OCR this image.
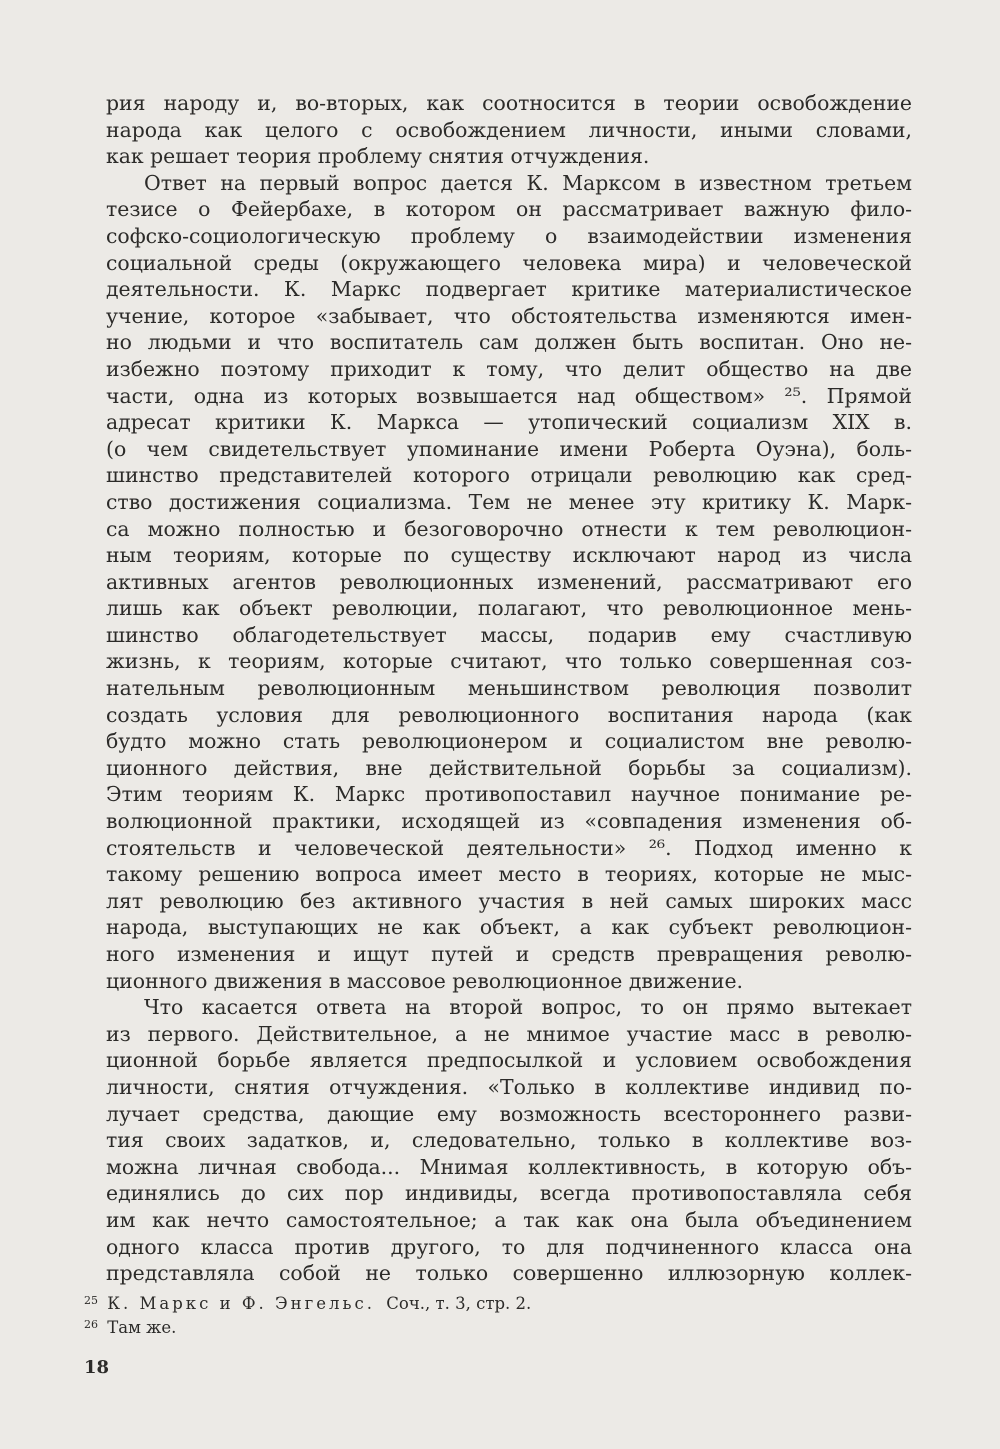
рия народу и, во-вторых, как соотносится в теории освобождение
народа как целого с освобождением личности, иными словами,
как решает теория проблему снятия отчуждения.
Ответ на первый вопрос дается К. Марксом в известном третьем
тезисе о Фейербахе, в котором он рассматривает важную фило-
софско-социологическую проблему о взаимодействии изменения
социальной среды (окружающего человека мира) и человеческой
деятельности. К. Маркс подвергает критике материалистическое
учение, которое «забывает, что обстоятельства изменяются имен-
но людьми и что воспитатель сам должен быть воспитан. Оно не-
избежно поэтому приходит к тому, что делит общество на две
части, одна из которых возвышается над обществом» ²⁵. Прямой
адресат критики К. Маркса — утопический социализм XIX в.
(о чем свидетельствует упоминание имени Роберта Оуэна), боль-
шинство представителей которого отрицали революцию как сред-
ство достижения социализма. Тем не менее эту критику К. Марк-
са можно полностью и безоговорочно отнести к тем революцион-
ным теориям, которые по существу исключают народ из числа
активных агентов революционных изменений, рассматривают его
лишь как объект революции, полагают, что революционное мень-
шинство облагодетельствует массы, подарив ему счастливую
жизнь, к теориям, которые считают, что только совершенная соз-
нательным революционным меньшинством революция позволит
создать условия для революционного воспитания народа (как
будто можно стать революционером и социалистом вне револю-
ционного действия, вне действительной борьбы за социализм).
Этим теориям К. Маркс противопоставил научное понимание ре-
волюционной практики, исходящей из «совпадения изменения об-
стоятельств и человеческой деятельности» ²⁶. Подход именно к
такому решению вопроса имеет место в теориях, которые не мыс-
лят революцию без активного участия в ней самых широких масс
народа, выступающих не как объект, а как субъект революцион-
ного изменения и ищут путей и средств превращения револю-
ционного движения в массовое революционное движение.
Что касается ответа на второй вопрос, то он прямо вытекает
из первого. Действительное, а не мнимое участие масс в револю-
ционной борьбе является предпосылкой и условием освобождения
личности, снятия отчуждения. «Только в коллективе индивид по-
лучает средства, дающие ему возможность всестороннего разви-
тия своих задатков, и, следовательно, только в коллективе воз-
можна личная свобода... Мнимая коллективность, в которую объ-
единялись до сих пор индивиды, всегда противопоставляла себя
им как нечто самостоятельное; а так как она была объединением
одного класса против другого, то для подчиненного класса она
представляла собой не только совершенно иллюзорную коллек-
$^{25}$ К. Маркс и Ф. Энгельс. Соч., т. 3, стр. 2.
$^{26}$ Там же.
18
